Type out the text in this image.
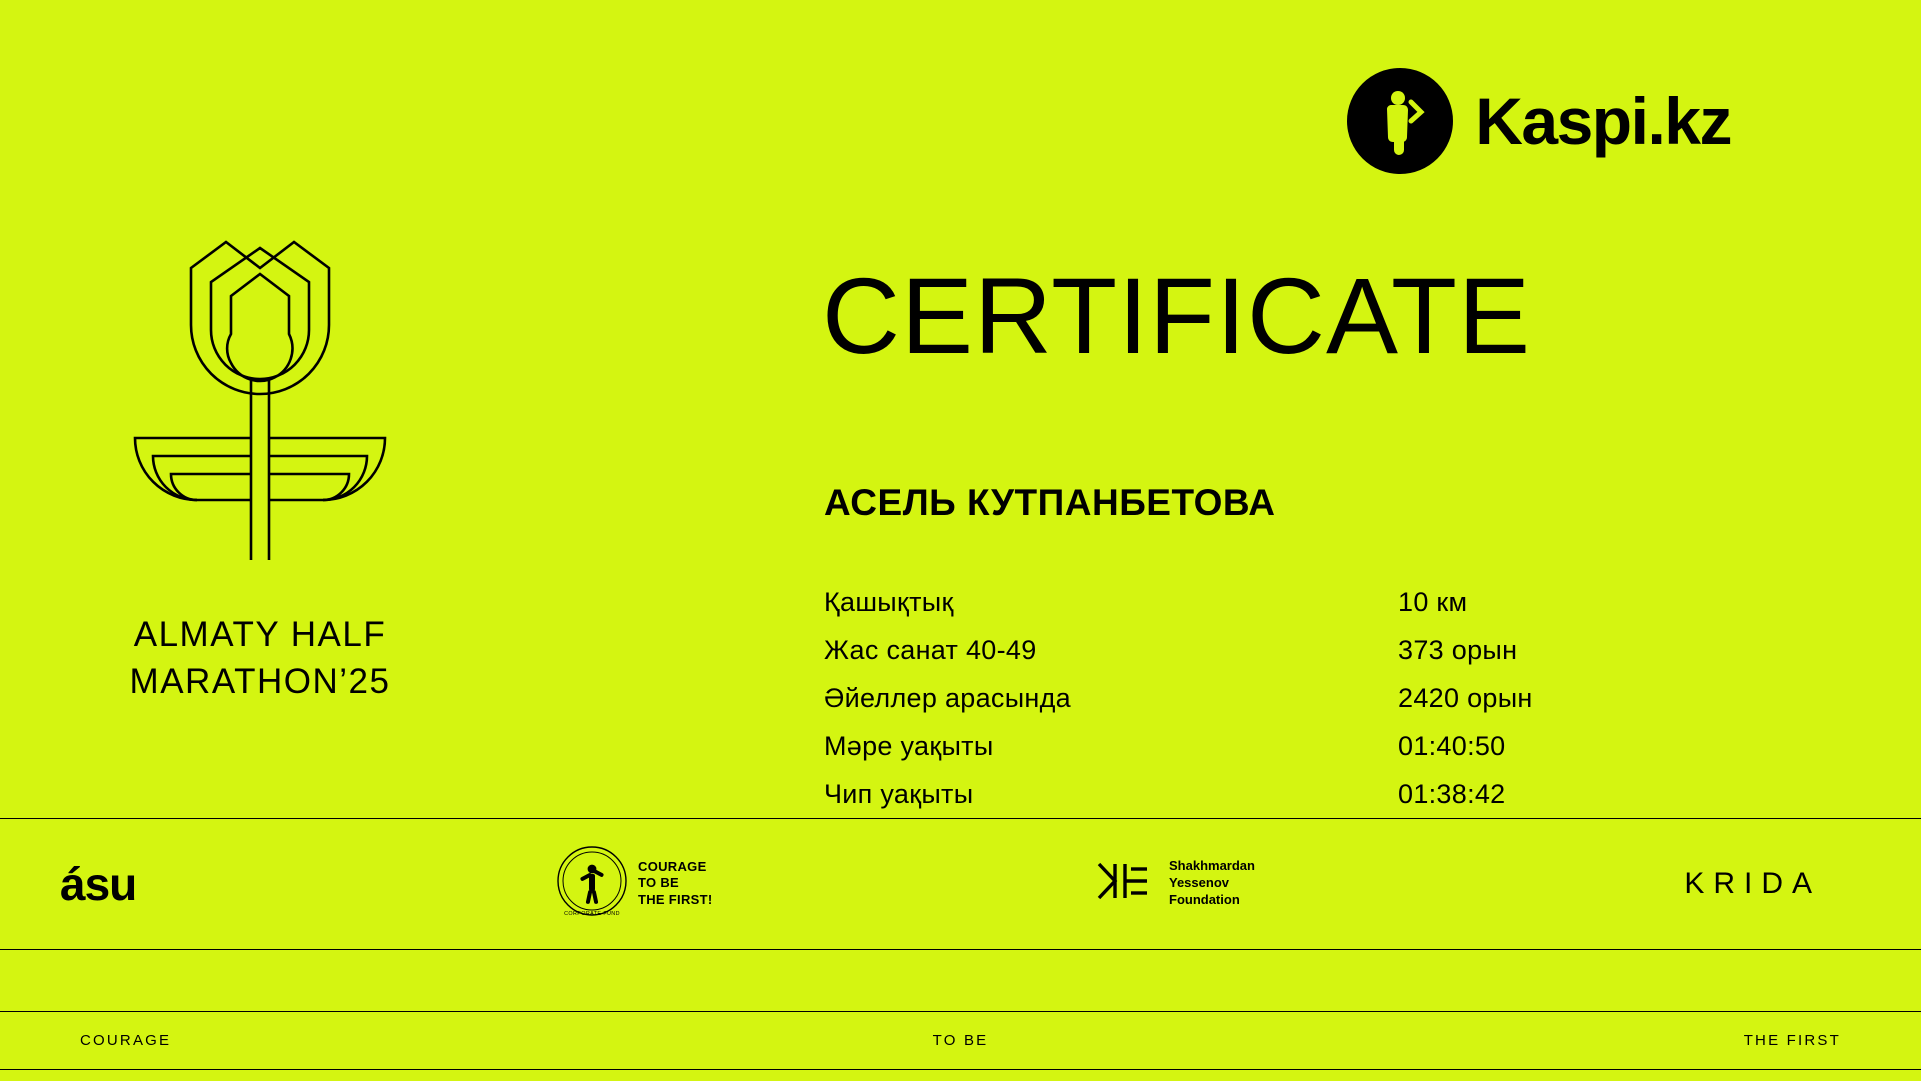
Kaspi.kz
ALMATY HALF
MARATHON’25
CERTIFICATE
АСЕЛЬ КУТПАНБЕТОВА
Қашықтық	10 км
Жас санат 40-49	373 орын
Әйеллер арасында	2420 орын
Мәре уақыты	01:40:50
Чип уақыты	01:38:42
ásu
CORPORATE FUND
COURAGE
TO BE
THE FIRST!
Shakhmardan
Yessenov
Foundation	KRIDA
COURAGE	TO BE	THE FIRST
